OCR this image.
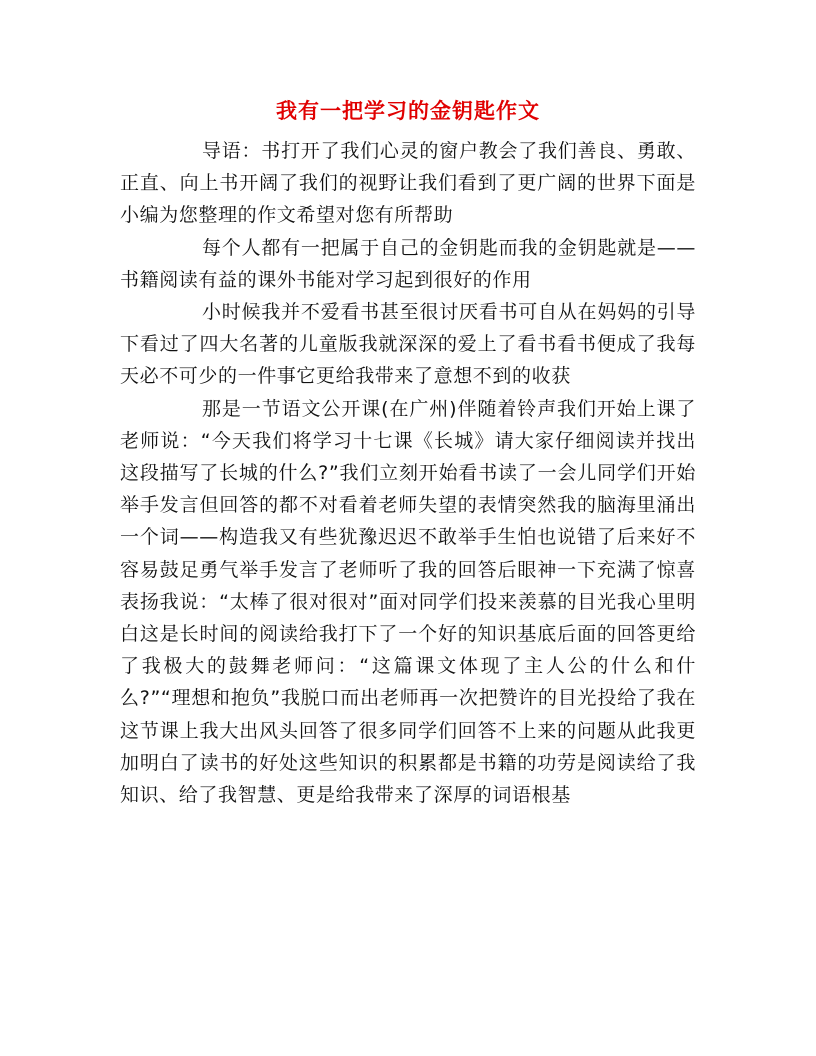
我有一把学习的金钥匙作文

导语：书打开了我们心灵的窗户教会了我们善良、勇敢、正直、向上书开阔了我们的视野让我们看到了更广阔的世界下面是小编为您整理的作文希望对您有所帮助

每个人都有一把属于自己的金钥匙而我的金钥匙就是——书籍阅读有益的课外书能对学习起到很好的作用

小时候我并不爱看书甚至很讨厌看书可自从在妈妈的引导下看过了四大名著的儿童版我就深深的爱上了看书看书便成了我每天必不可少的一件事它更给我带来了意想不到的收获

那是一节语文公开课(在广州)伴随着铃声我们开始上课了老师说：“今天我们将学习十七课《长城》请大家仔细阅读并找出这段描写了长城的什么?”我们立刻开始看书读了一会儿同学们开始举手发言但回答的都不对看着老师失望的表情突然我的脑海里涌出一个词——构造我又有些犹豫迟迟不敢举手生怕也说错了后来好不容易鼓足勇气举手发言了老师听了我的回答后眼神一下充满了惊喜表扬我说：“太棒了很对很对”面对同学们投来羡慕的目光我心里明白这是长时间的阅读给我打下了一个好的知识基底后面的回答更给了我极大的鼓舞老师问：“这篇课文体现了主人公的什么和什么?”“理想和抱负”我脱口而出老师再一次把赞许的目光投给了我在这节课上我大出风头回答了很多同学们回答不上来的问题从此我更加明白了读书的好处这些知识的积累都是书籍的功劳是阅读给了我知识、给了我智慧、更是给我带来了深厚的词语根基
